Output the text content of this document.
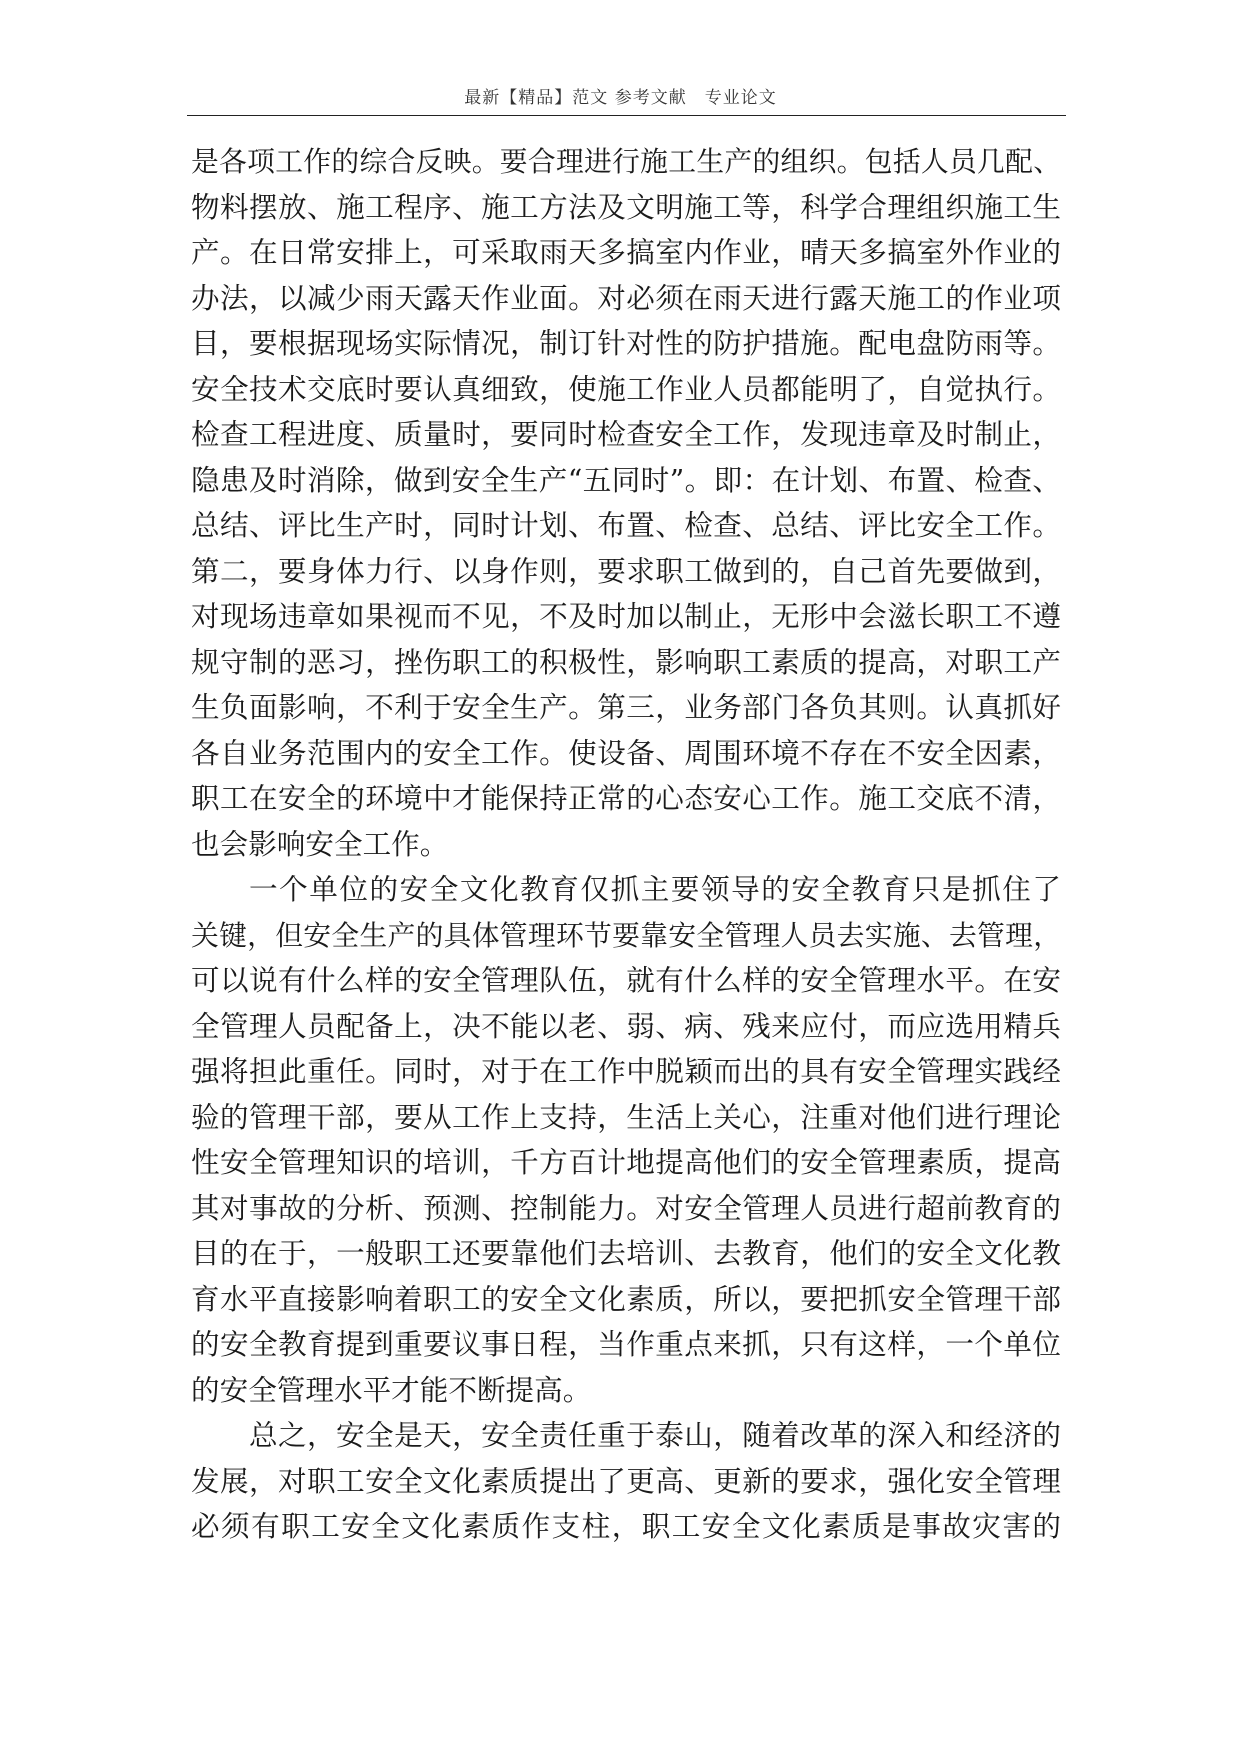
最新【精品】范文 参考文献　专业论文
是各项工作的综合反映。要合理进行施工生产的组织。包括人员几配、
物料摆放、施工程序、施工方法及文明施工等，科学合理组织施工生
产。在日常安排上，可采取雨天多搞室内作业，晴天多搞室外作业的
办法，以减少雨天露天作业面。对必须在雨天进行露天施工的作业项
目，要根据现场实际情况，制订针对性的防护措施。配电盘防雨等。
安全技术交底时要认真细致，使施工作业人员都能明了，自觉执行。
检查工程进度、质量时，要同时检查安全工作，发现违章及时制止，
隐患及时消除，做到安全生产“五同时”。即：在计划、布置、检查、
总结、评比生产时，同时计划、布置、检查、总结、评比安全工作。
第二，要身体力行、以身作则，要求职工做到的，自己首先要做到，
对现场违章如果视而不见，不及时加以制止，无形中会滋长职工不遵
规守制的恶习，挫伤职工的积极性，影响职工素质的提高，对职工产
生负面影响，不利于安全生产。第三，业务部门各负其则。认真抓好
各自业务范围内的安全工作。使设备、周围环境不存在不安全因素，
职工在安全的环境中才能保持正常的心态安心工作。施工交底不清，
也会影响安全工作。
一个单位的安全文化教育仅抓主要领导的安全教育只是抓住了
关键，但安全生产的具体管理环节要靠安全管理人员去实施、去管理，
可以说有什么样的安全管理队伍，就有什么样的安全管理水平。在安
全管理人员配备上，决不能以老、弱、病、残来应付，而应选用精兵
强将担此重任。同时，对于在工作中脱颖而出的具有安全管理实践经
验的管理干部，要从工作上支持，生活上关心，注重对他们进行理论
性安全管理知识的培训，千方百计地提高他们的安全管理素质，提高
其对事故的分析、预测、控制能力。对安全管理人员进行超前教育的
目的在于，一般职工还要靠他们去培训、去教育，他们的安全文化教
育水平直接影响着职工的安全文化素质，所以，要把抓安全管理干部
的安全教育提到重要议事日程，当作重点来抓，只有这样，一个单位
的安全管理水平才能不断提高。
总之，安全是天，安全责任重于泰山，随着改革的深入和经济的
发展，对职工安全文化素质提出了更高、更新的要求，强化安全管理
必须有职工安全文化素质作支柱，职工安全文化素质是事故灾害的
